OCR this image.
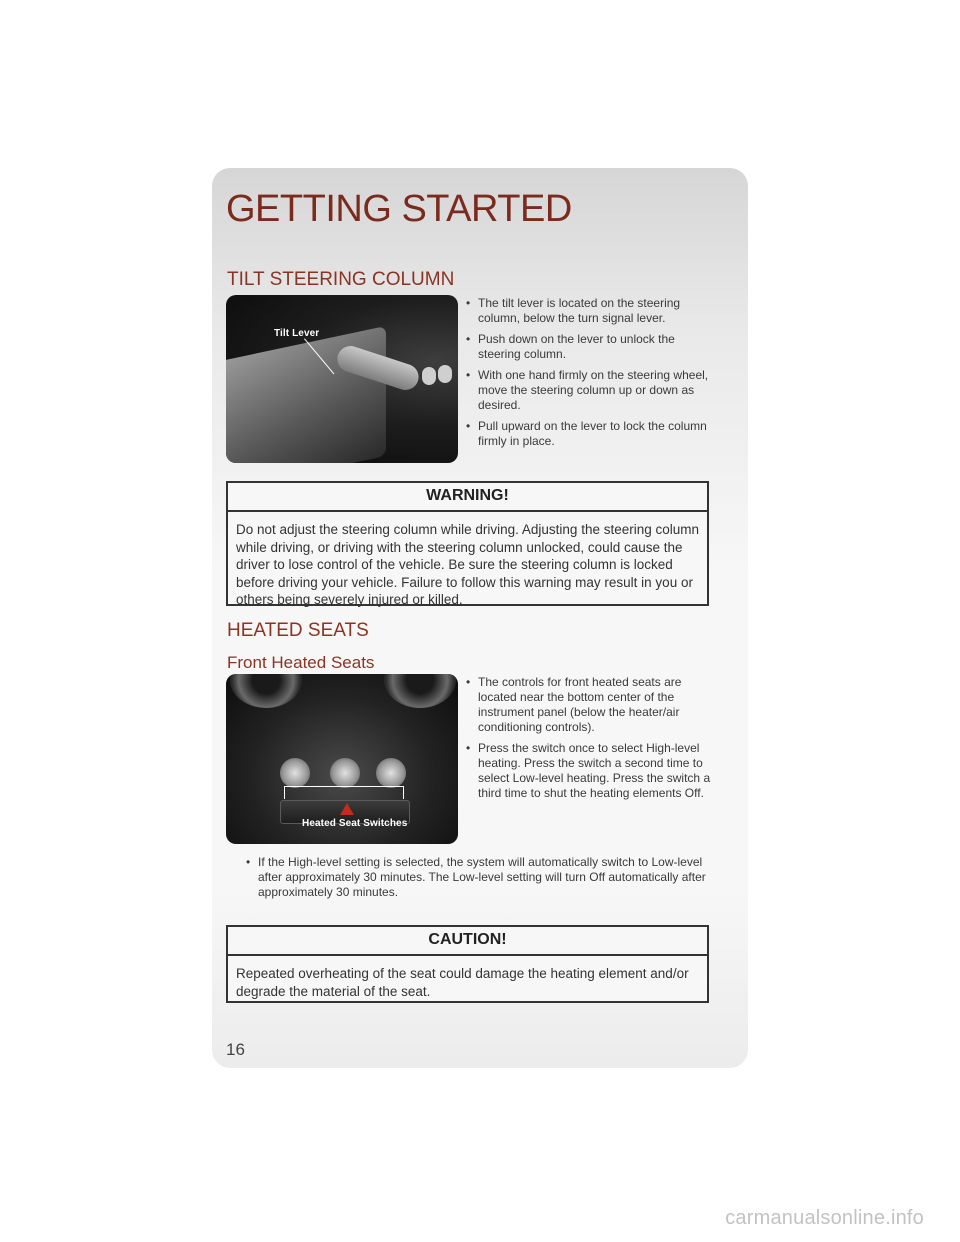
GETTING STARTED
TILT STEERING COLUMN
Tilt Lever
• The tilt lever is located on the steering column, below the turn signal lever.
• Push down on the lever to unlock the steering column.
• With one hand firmly on the steering wheel, move the steering column up or down as desired.
• Pull upward on the lever to lock the column firmly in place.
WARNING!
Do not adjust the steering column while driving. Adjusting the steering column while driving, or driving with the steering column unlocked, could cause the driver to lose control of the vehicle. Be sure the steering column is locked before driving your vehicle. Failure to follow this warning may result in you or others being severely injured or killed.
HEATED SEATS
Front Heated Seats
Heated Seat Switches
• The controls for front heated seats are located near the bottom center of the instrument panel (below the heater/air conditioning controls).
• Press the switch once to select High-level heating. Press the switch a second time to select Low-level heating. Press the switch a third time to shut the heating elements Off.
• If the High-level setting is selected, the system will automatically switch to Low-level after approximately 30 minutes. The Low-level setting will turn Off automatically after approximately 30 minutes.
CAUTION!
Repeated overheating of the seat could damage the heating element and/or degrade the material of the seat.
16
carmanualsonline.info
